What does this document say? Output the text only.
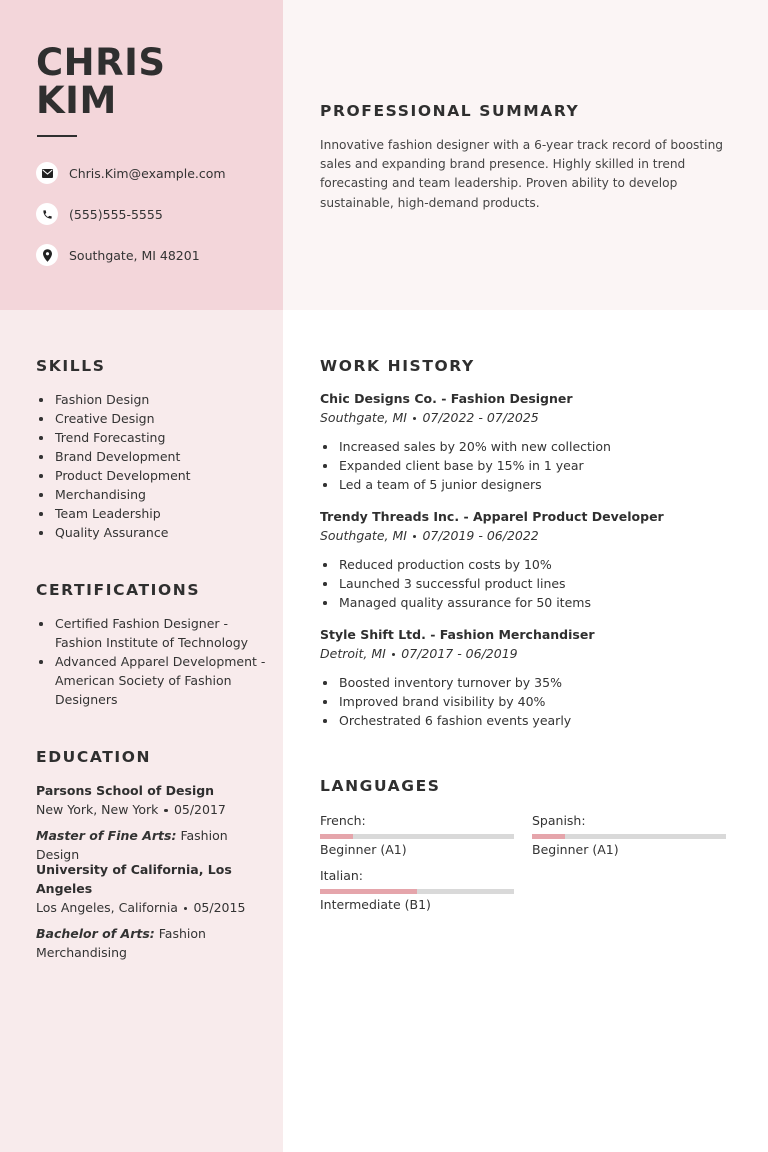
CHRIS
KIM
Chris.Kim@example.com
(555)555-5555
Southgate, MI 48201
PROFESSIONAL SUMMARY
Innovative fashion designer with a 6-year track record of boosting sales and expanding brand presence. Highly skilled in trend forecasting and team leadership. Proven ability to develop sustainable, high-demand products.
SKILLS
Fashion Design
Creative Design
Trend Forecasting
Brand Development
Product Development
Merchandising
Team Leadership
Quality Assurance
CERTIFICATIONS
Certified Fashion Designer -
Fashion Institute of Technology
Advanced Apparel Development -
American Society of Fashion
Designers
EDUCATION
Parsons School of Design
New York, New York 05/2017
Master of Fine Arts: Fashion Design
University of California, Los
Angeles
Los Angeles, California 05/2015
Bachelor of Arts: Fashion
Merchandising
WORK HISTORY
Chic Designs Co. - Fashion Designer
Southgate, MI 07/2022 - 07/2025
Increased sales by 20% with new collection
Expanded client base by 15% in 1 year
Led a team of 5 junior designers
Trendy Threads Inc. - Apparel Product Developer
Southgate, MI 07/2019 - 06/2022
Reduced production costs by 10%
Launched 3 successful product lines
Managed quality assurance for 50 items
Style Shift Ltd. - Fashion Merchandiser
Detroit, MI 07/2017 - 06/2019
Boosted inventory turnover by 35%
Improved brand visibility by 40%
Orchestrated 6 fashion events yearly
LANGUAGES
French:
Beginner (A1)
Spanish:
Beginner (A1)
Italian:
Intermediate (B1)
